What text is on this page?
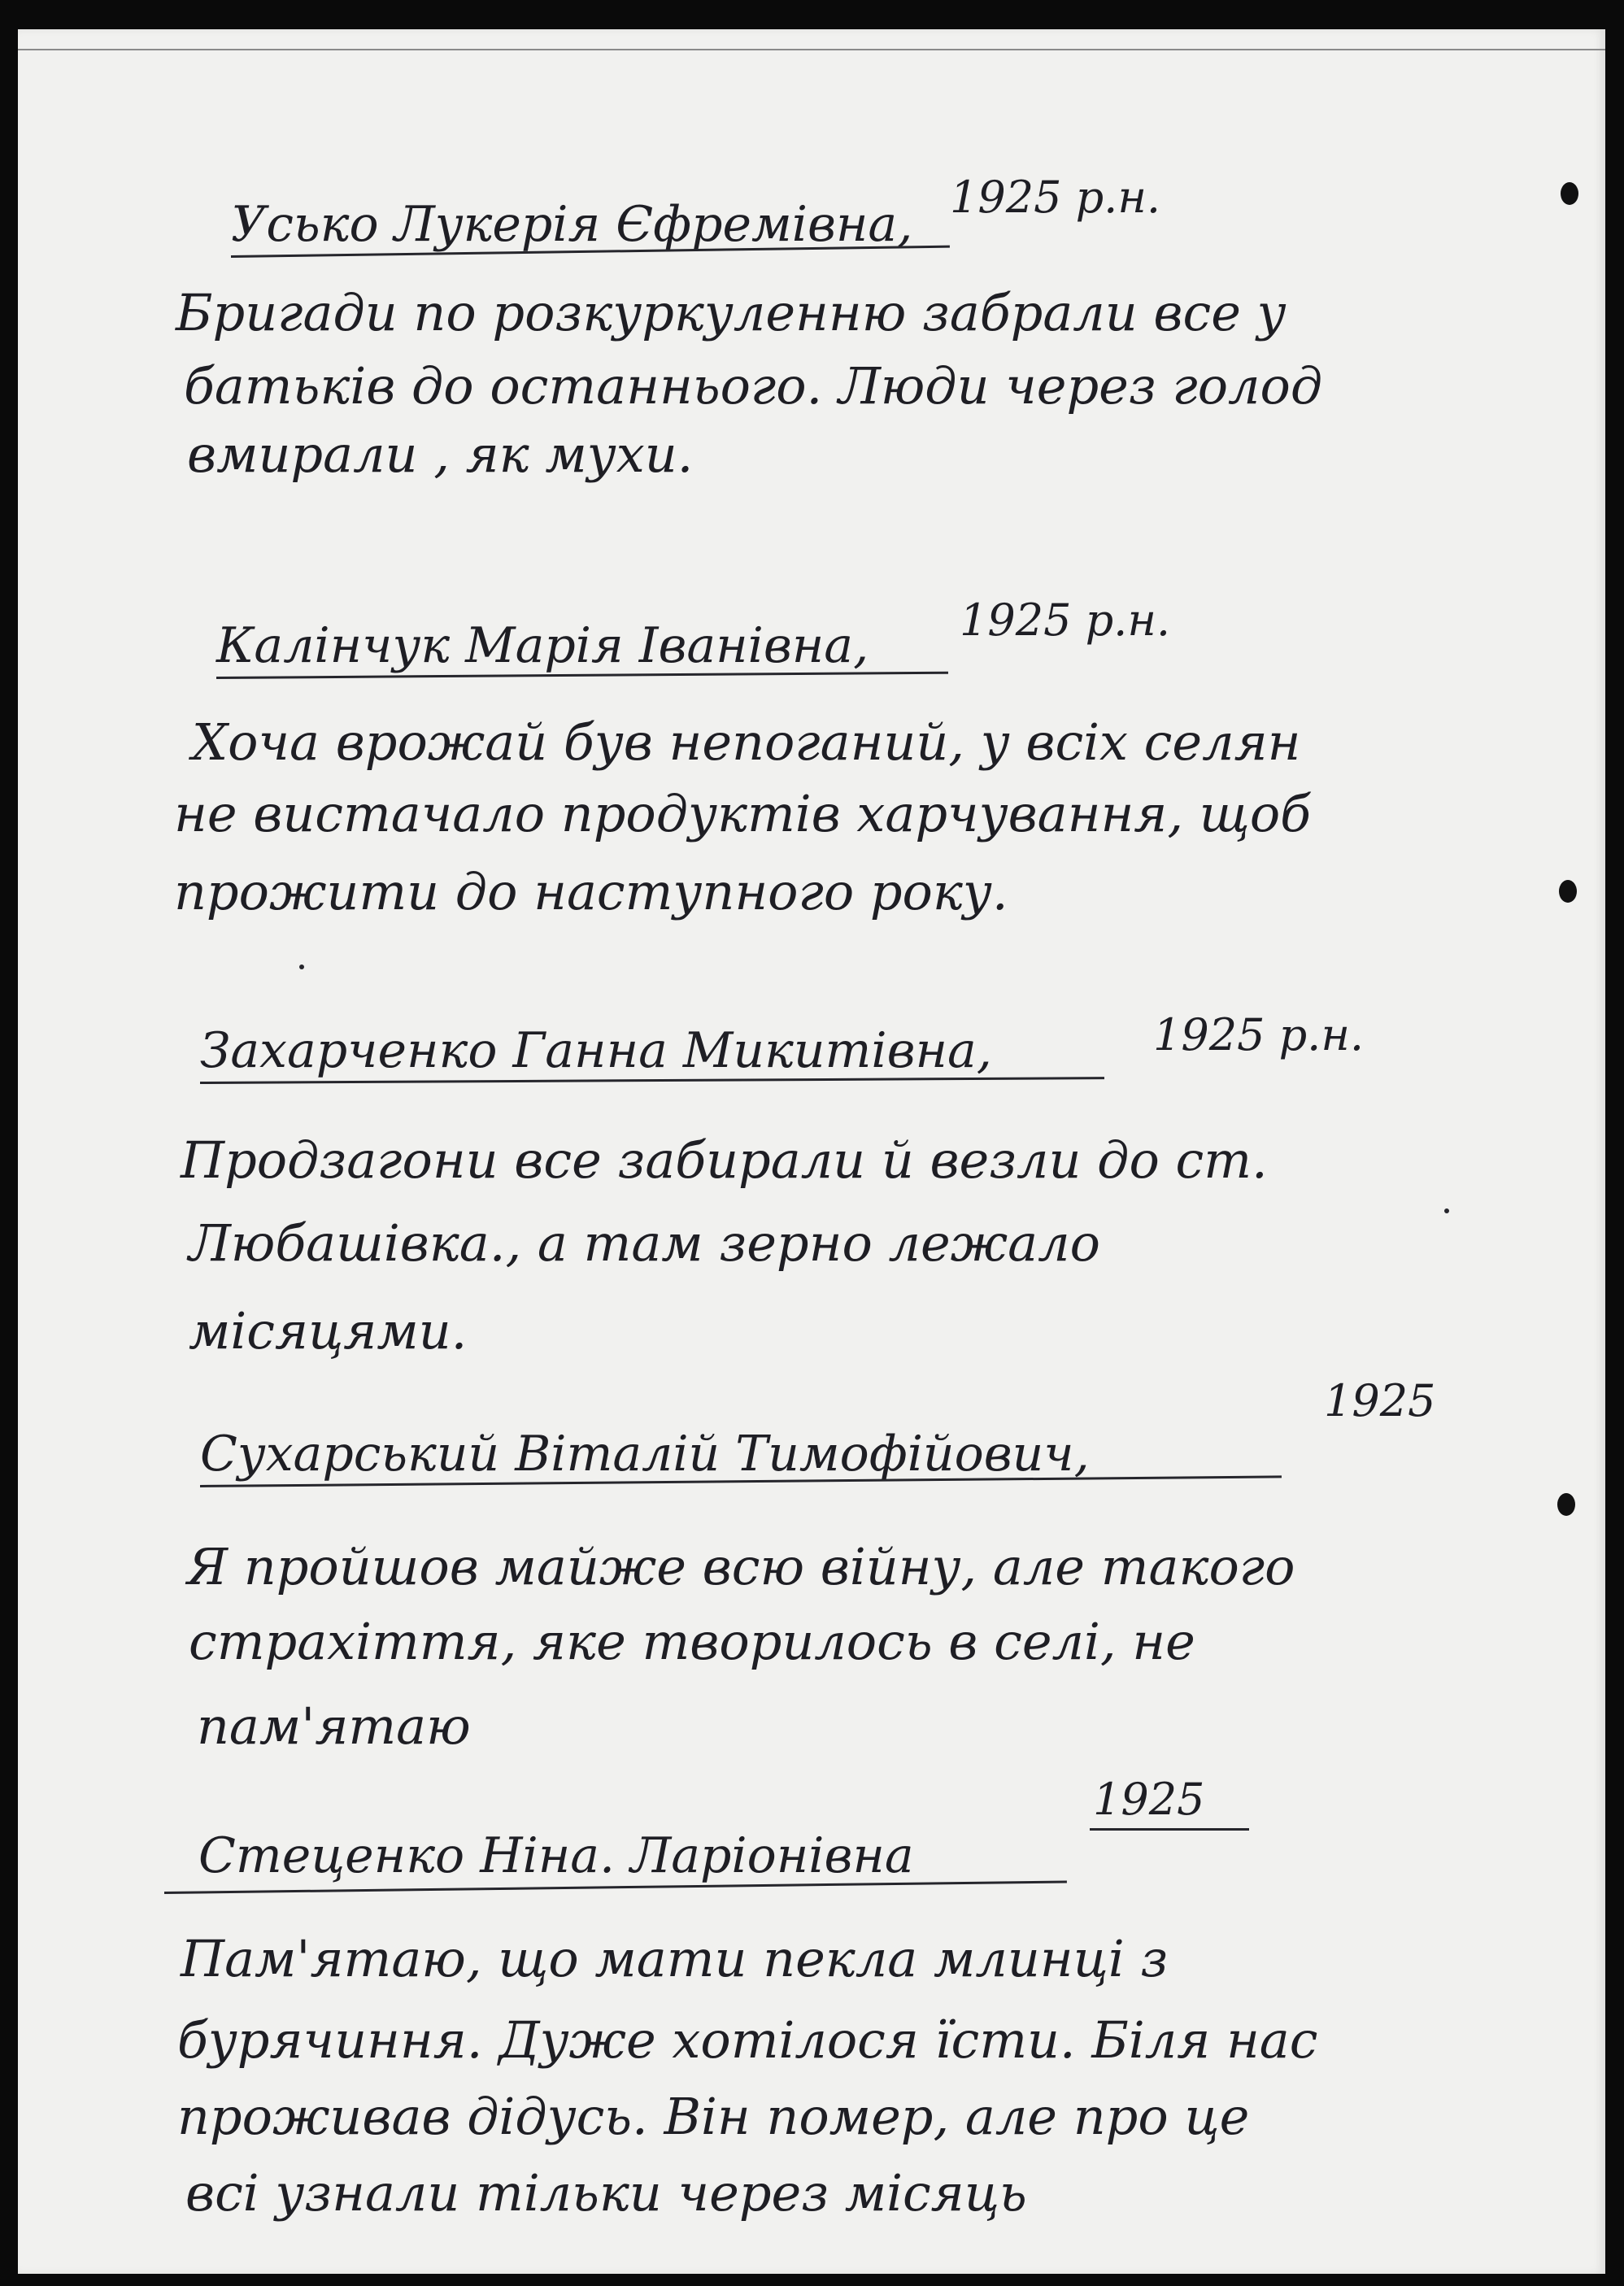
Усько Лукерія Єфремівна, 1925 р.н.
Бригади по розкуркуленню забрали все у
батьків до останнього. Люди через голод
вмирали , як мухи.
Калінчук Марія Іванівна, 1925 р.н.
Хоча врожай був непоганий, у всіх селян
не вистачало продуктів харчування, щоб
прожити до наступного року.
Захарченко Ганна Микитівна,	1925 р.н.
Продзагони все забирали й везли до ст.
Любашівка., а там зерно лежало
місяцями.
Сухарський Віталій Тимофійович,
1925
Я пройшов майже всю війну, але такого
страхіття, яке творилось в селі, не
пам'ятаю
Стеценко Ніна. Ларіонівна
1925
Пам'ятаю, що мати пекла млинці з
бурячиння. Дуже хотілося їсти. Біля нас
проживав дідусь. Він помер, але про це
всі узнали тільки через місяць
